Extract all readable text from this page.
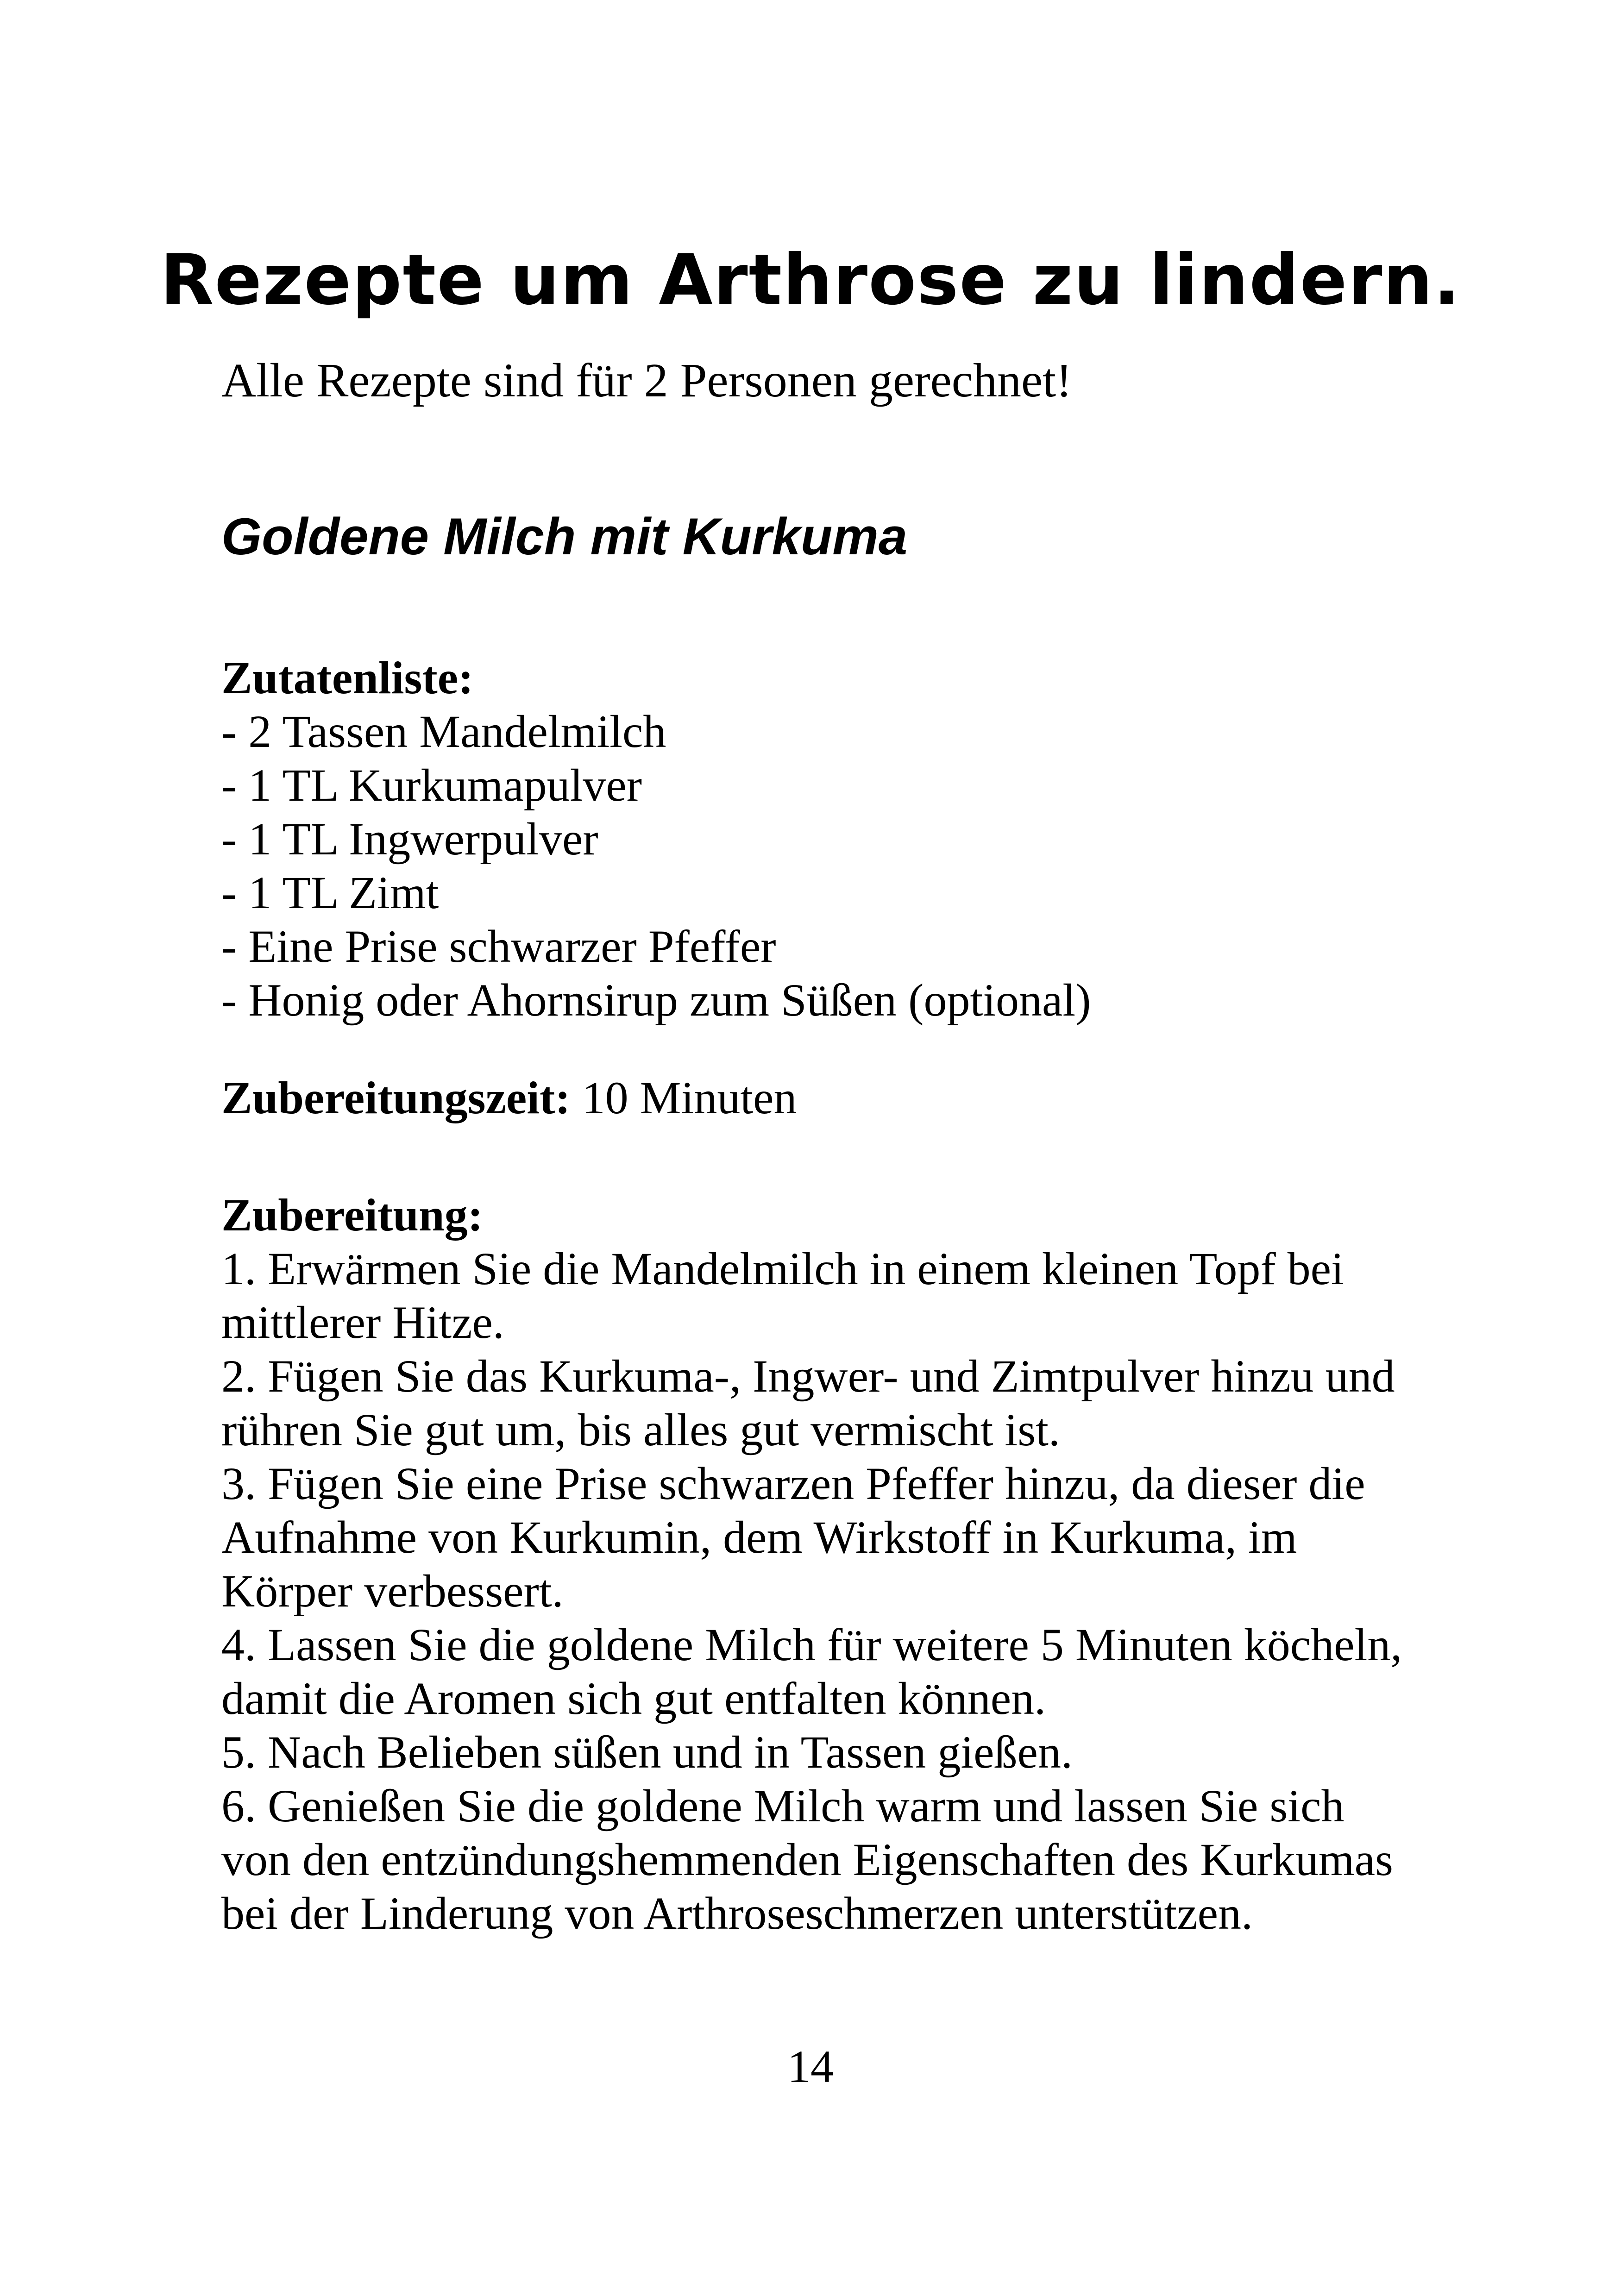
Rezepte um Arthrose zu lindern.
Alle Rezepte sind für 2 Personen gerechnet!
Goldene Milch mit Kurkuma
Zutatenliste:
- 2 Tassen Mandelmilch
- 1 TL Kurkumapulver
- 1 TL Ingwerpulver
- 1 TL Zimt
- Eine Prise schwarzer Pfeffer
- Honig oder Ahornsirup zum Süßen (optional)
Zubereitungszeit: 10 Minuten
Zubereitung:
1. Erwärmen Sie die Mandelmilch in einem kleinen Topf bei
mittlerer Hitze.
2. Fügen Sie das Kurkuma-, Ingwer- und Zimtpulver hinzu und
rühren Sie gut um, bis alles gut vermischt ist.
3. Fügen Sie eine Prise schwarzen Pfeffer hinzu, da dieser die
Aufnahme von Kurkumin, dem Wirkstoff in Kurkuma, im
Körper verbessert.
4. Lassen Sie die goldene Milch für weitere 5 Minuten köcheln,
damit die Aromen sich gut entfalten können.
5. Nach Belieben süßen und in Tassen gießen.
6. Genießen Sie die goldene Milch warm und lassen Sie sich
von den entzündungshemmenden Eigenschaften des Kurkumas
bei der Linderung von Arthroseschmerzen unterstützen.
14
